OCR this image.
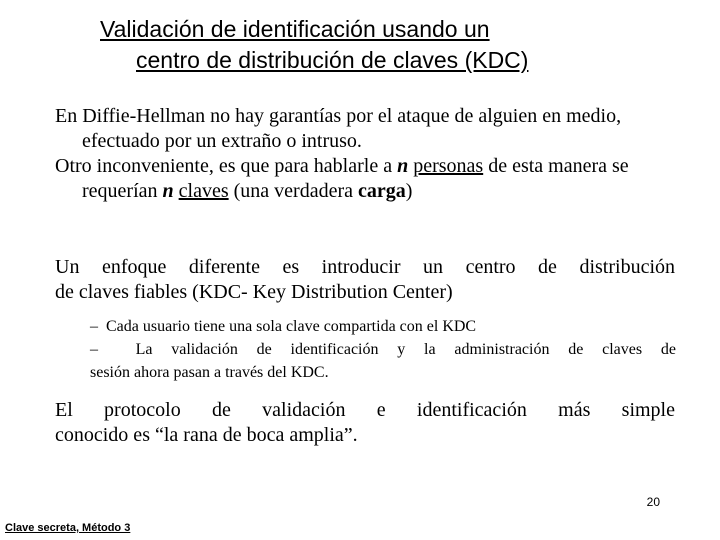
Validación de identificación usando un
centro de distribución de claves (KDC)
En Diffie-Hellman no hay garantías por el ataque de alguien en medio, efectuado por un extraño o intruso.
Otro inconveniente, es que para hablarle a n personas de esta manera se requerían n claves (una verdadera carga)
Un enfoque diferente es introducir un centro de distribución
de claves fiables (KDC- Key Distribution Center)
–  Cada usuario tiene una sola clave compartida con el KDC
–  La validación de identificación y la administración de claves de
sesión ahora pasan a través del KDC.
El protocolo de validación e identificación más simple
conocido es “la rana de boca amplia”.
20
Clave secreta, Método 3
